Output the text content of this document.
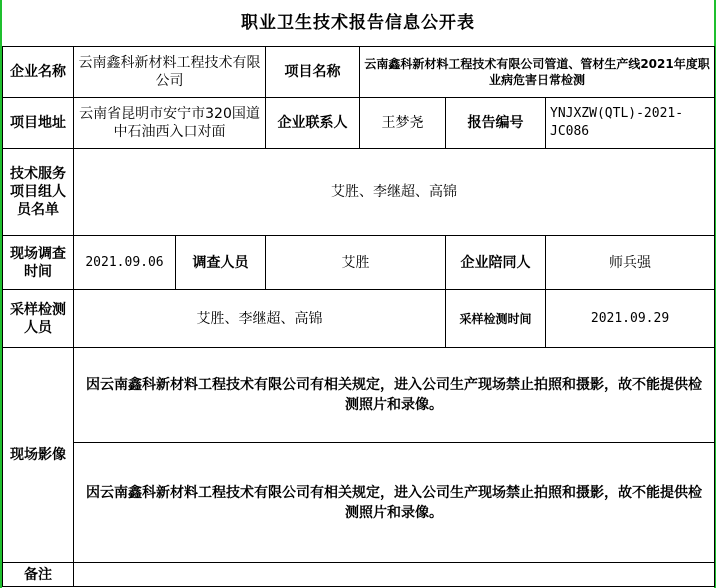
职业卫生技术报告信息公开表
企业名称	云南鑫科新材料工程技术有限公司		项目名称	云南鑫科新材料工程技术有限公司管道、管材生产线2021年度职业病危害日常检测		
项目地址	云南省昆明市安宁市320国道中石油西入口对面		企业联系人	王梦尧	报告编号	YNJXZW(QTL)-2021-JC086
技术服务项目组人员名单	艾胜、李继超、高锦					
现场调查时间	2021.09.06	调查人员	艾胜		企业陪同人	师兵强
采样检测人员	艾胜、李继超、高锦				采样检测时间	2021.09.29
现场影像	因云南鑫科新材料工程技术有限公司有相关规定，进入公司生产现场禁止拍照和摄影，故不能提供检测照片和录像。					
	因云南鑫科新材料工程技术有限公司有相关规定，进入公司生产现场禁止拍照和摄影，故不能提供检测照片和录像。					
备注						
